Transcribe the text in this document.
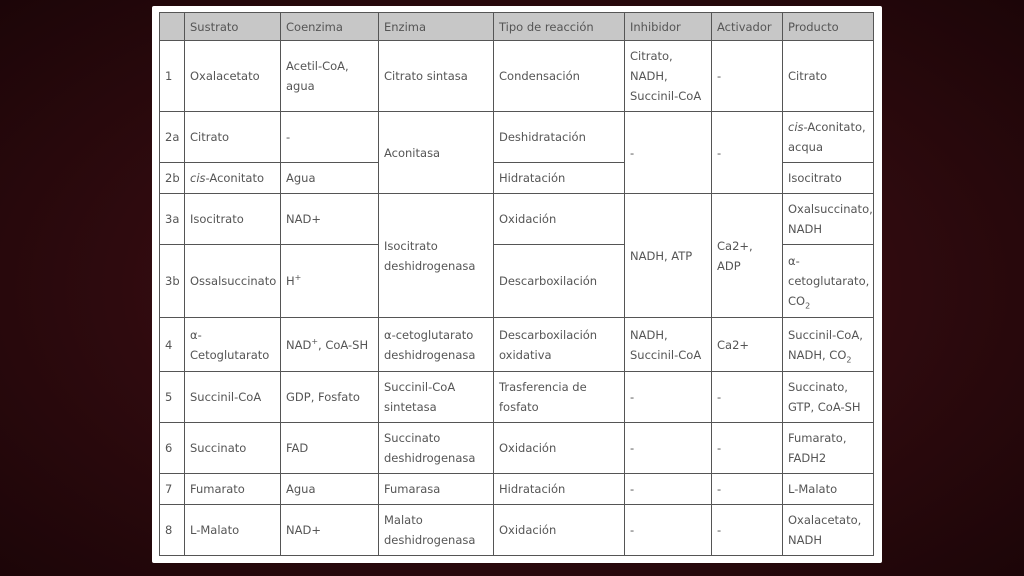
	Sustrato	Coenzima	Enzima	Tipo de reacción	Inhibidor	Activador	Producto
1	Oxalacetato	Acetil-CoA, agua	Citrato sintasa	Condensación	Citrato, NADH, Succinil-CoA	-	Citrato
2a	Citrato	-	Aconitasa	Deshidratación	-	-	cis-Aconitato, acqua
2b	cis-Aconitato	Agua		Hidratación			Isocitrato
3a	Isocitrato	NAD+	Isocitrato deshidrogenasa	Oxidación	NADH, ATP	Ca2+, ADP	Oxalsuccinato, NADH
3b	Ossalsuccinato	H+		Descarboxilación			α-cetoglutarato, $CO_2$
4	α-Cetoglutarato	NAD+, CoA-SH	α-cetoglutarato deshidrogenasa	Descarboxilación oxidativa	NADH, Succinil-CoA	Ca2+	Succinil-CoA, NADH, $CO_2$
5	Succinil-CoA	GDP, Fosfato	Succinil-CoA sintetasa	Trasferencia de fosfato	-	-	Succinato, GTP, CoA-SH
6	Succinato	FAD	Succinato deshidrogenasa	Oxidación	-	-	Fumarato, FADH2
7	Fumarato	Agua	Fumarasa	Hidratación	-	-	L-Malato
8	L-Malato	NAD+	Malato deshidrogenasa	Oxidación	-	-	Oxalacetato, NADH
